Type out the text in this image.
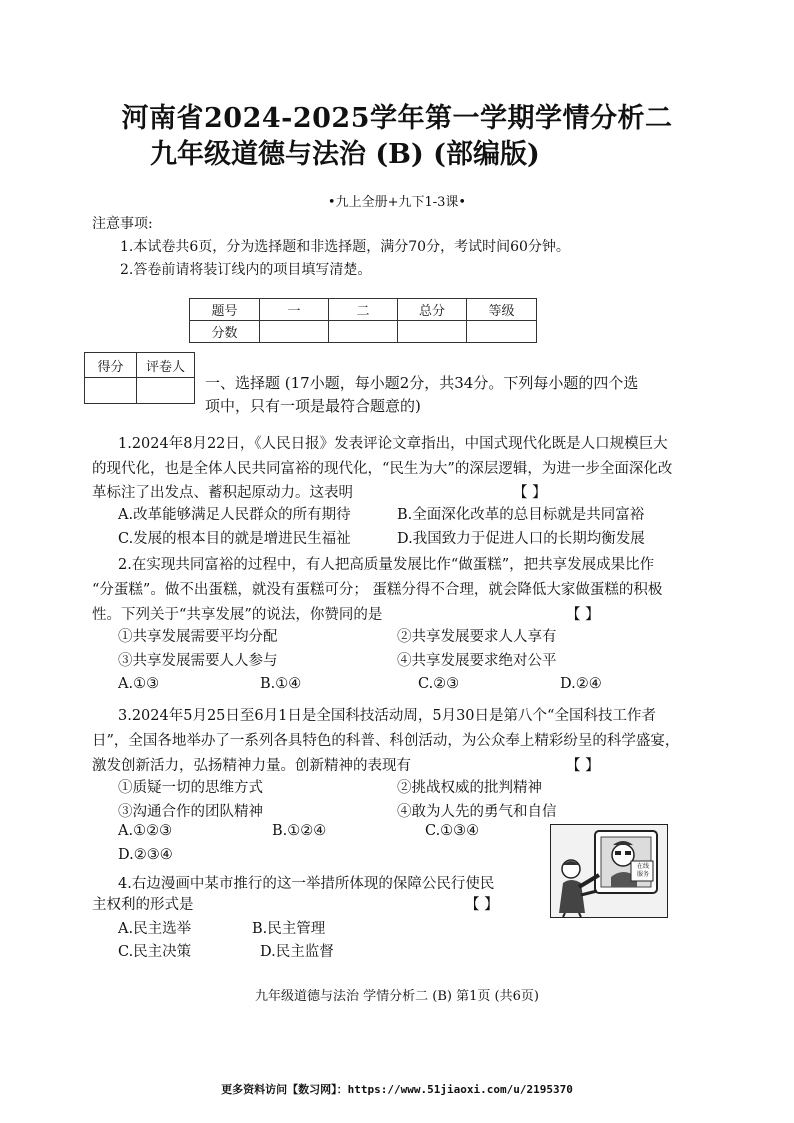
河南省2024-2025学年第一学期学情分析二
九年级道德与法治 (B) (部编版)
•九上全册+九下1-3课•
注意事项:
1.本试卷共6页，分为选择题和非选择题，满分70分，考试时间60分钟。
2.答卷前请将装订线内的项目填写清楚。
题号	一	二	总分	等级
分数				
得分	评卷人

一、选择题 (17小题，每小题2分，共34分。下列每小题的四个选
项中，只有一项是最符合题意的)
1.2024年8月22日，《人民日报》发表评论文章指出，中国式现代化既是人口规模巨大
的现代化，也是全体人民共同富裕的现代化，“民生为大”的深层逻辑，为进一步全面深化改
革标注了出发点、蓄积起原动力。这表明	【 】
A.改革能够满足人民群众的所有期待	B.全面深化改革的总目标就是共同富裕
C.发展的根本目的就是增进民生福祉	D.我国致力于促进人口的长期均衡发展
2.在实现共同富裕的过程中，有人把高质量发展比作“做蛋糕”，把共享发展成果比作
“分蛋糕”。做不出蛋糕，就没有蛋糕可分； 蛋糕分得不合理，就会降低大家做蛋糕的积极
性。下列关于“共享发展”的说法，你赞同的是	【 】
①共享发展需要平均分配	②共享发展要求人人享有
③共享发展需要人人参与	④共享发展要求绝对公平
A.①③	B.①④	C.②③	D.②④
3.2024年5月25日至6月1日是全国科技活动周，5月30日是第八个“全国科技工作者
日”，全国各地举办了一系列各具特色的科普、科创活动，为公众奉上精彩纷呈的科学盛宴，
激发创新活力，弘扬精神力量。创新精神的表现有	【 】
①质疑一切的思维方式	②挑战权威的批判精神
③沟通合作的团队精神	④敢为人先的勇气和自信
A.①②③	B.①②④	C.①③④
D.②③④
4.右边漫画中某市推行的这一举措所体现的保障公民行使民
主权利的形式是	【 】
A.民主选举	B.民主管理
C.民主决策	D.民主监督
在线
服务
九年级道德与法治 学情分析二 (B) 第1页 (共6页)
更多资料访问【数习网】：https://www.51jiaoxi.com/u/2195370
